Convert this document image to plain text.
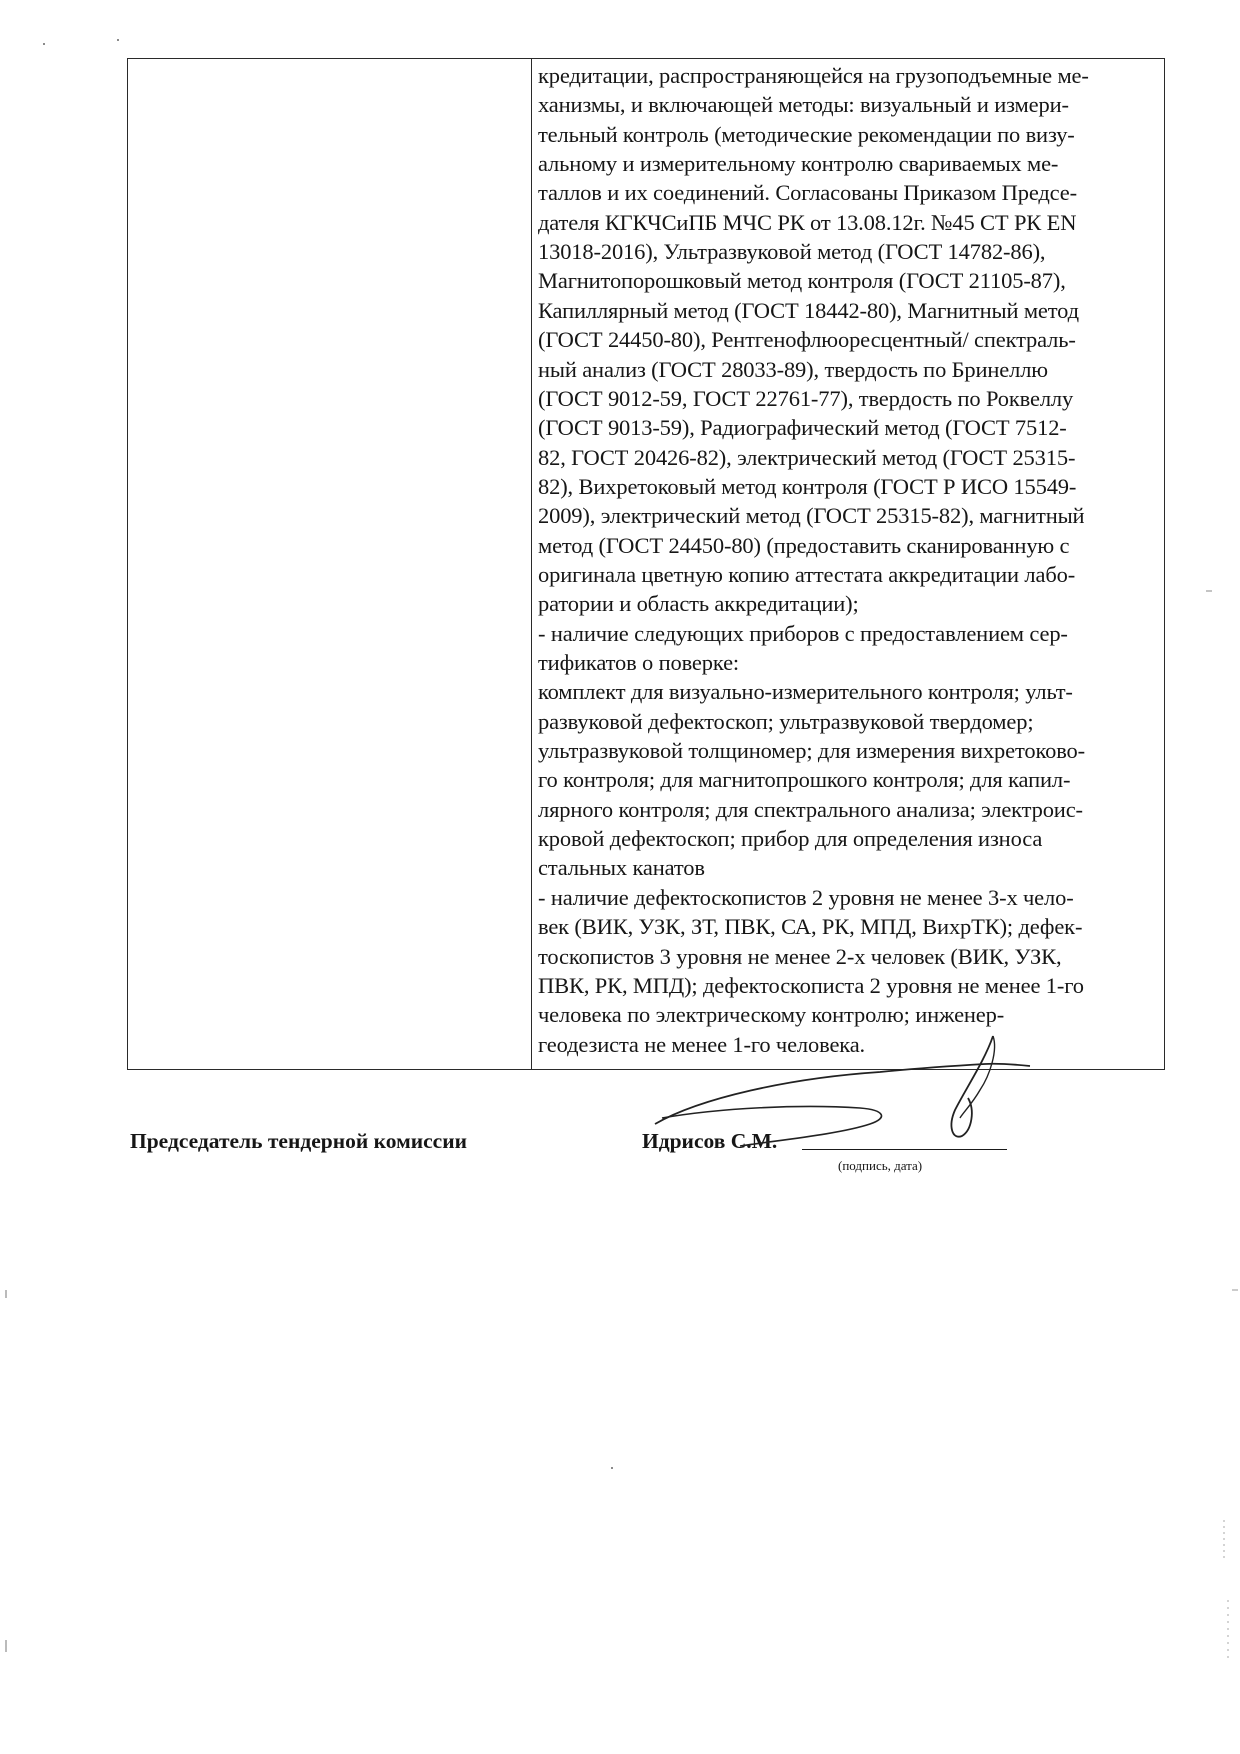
кредитации, распространяющейся на грузоподъемные ме-
ханизмы, и включающей методы: визуальный и измери-
тельный контроль (методические рекомендации по визу-
альному и измерительному контролю свариваемых ме-
таллов и их соединений. Согласованы Приказом Предсе-
дателя КГКЧСиПБ МЧС РК от 13.08.12г. №45 СТ РК EN
13018-2016), Ультразвуковой метод (ГОСТ 14782-86),
Магнитопорошковый метод контроля (ГОСТ 21105-87),
Капиллярный метод (ГОСТ 18442-80), Магнитный метод
(ГОСТ 24450-80), Рентгенофлюоресцентный/ спектраль-
ный анализ (ГОСТ 28033-89), твердость по Бринеллю
(ГОСТ 9012-59, ГОСТ 22761-77), твердость по Роквеллу
(ГОСТ 9013-59), Радиографический метод (ГОСТ 7512-
82, ГОСТ 20426-82), электрический метод (ГОСТ 25315-
82), Вихретоковый метод контроля (ГОСТ Р ИСО 15549-
2009), электрический метод (ГОСТ 25315-82), магнитный
метод (ГОСТ 24450-80) (предоставить сканированную с
оригинала цветную копию аттестата аккредитации лабо-
ратории и область аккредитации);
- наличие следующих приборов с предоставлением сер-
тификатов о поверке:
комплект для визуально-измерительного контроля; ульт-
развуковой дефектоскоп; ультразвуковой твердомер;
ультразвуковой толщиномер; для измерения вихретоково-
го контроля; для магнитопрошкого контроля; для капил-
лярного контроля; для спектрального анализа; электроис-
кровой дефектоскоп; прибор для определения износа
стальных канатов
- наличие дефектоскопистов 2 уровня не менее 3-х чело-
век (ВИК, УЗК, ЗТ, ПВК, СА, РК, МПД, ВихрТК); дефек-
тоскопистов 3 уровня не менее 2-х человек (ВИК, УЗК,
ПВК, РК, МПД); дефектоскописта 2 уровня не менее 1-го
человека по электрическому контролю; инженер-
геодезиста не менее 1-го человека.
Председатель тендерной комиссии	Идрисов С.М.
(подпись, дата)
